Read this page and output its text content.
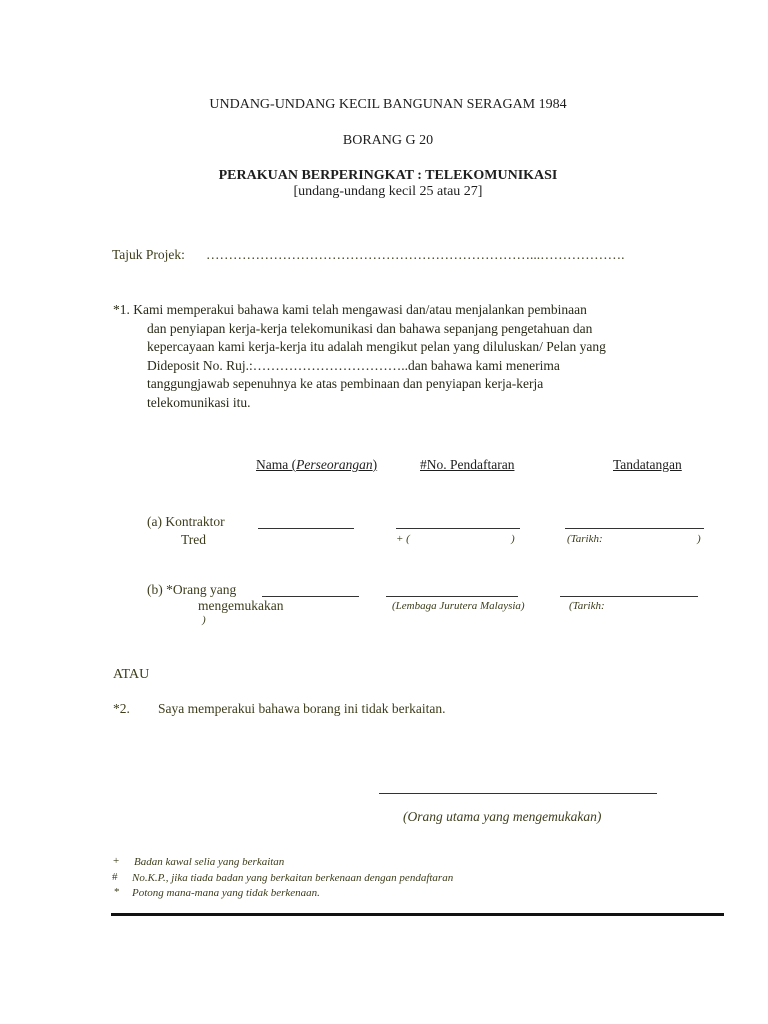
UNDANG-UNDANG KECIL BANGUNAN SERAGAM 1984
BORANG G 20
PERAKUAN BERPERINGKAT : TELEKOMUNIKASI
[undang-undang kecil 25 atau 27]
Tajuk Projek: ………………………………………………………………...……………….
*1. Kami memperakui bahawa kami telah mengawasi dan/atau menjalankan pembinaan
dan penyiapan kerja-kerja telekomunikasi dan bahawa sepanjang pengetahuan dan
kepercayaan kami kerja-kerja itu adalah mengikut pelan yang diluluskan/ Pelan yang
Dideposit No. Ruj.:……………………………..dan bahawa kami menerima
tanggungjawab sepenuhnya ke atas pembinaan dan penyiapan kerja-kerja
telekomunikasi itu.
Nama (Perseorangan)	#No. Pendaftaran	Tandatangan
(a) Kontraktor
Tred	+ (	)	(Tarikh:	)
(b) *Orang yang
mengemukakan	(Lembaga Jurutera Malaysia)	(Tarikh:
)
ATAU
*2. Saya memperakui bahawa borang ini tidak berkaitan.
(Orang utama yang mengemukakan)
+ Badan kawal selia yang berkaitan
# No.K.P., jika tiada badan yang berkaitan berkenaan dengan pendaftaran
* Potong mana-mana yang tidak berkenaan.
